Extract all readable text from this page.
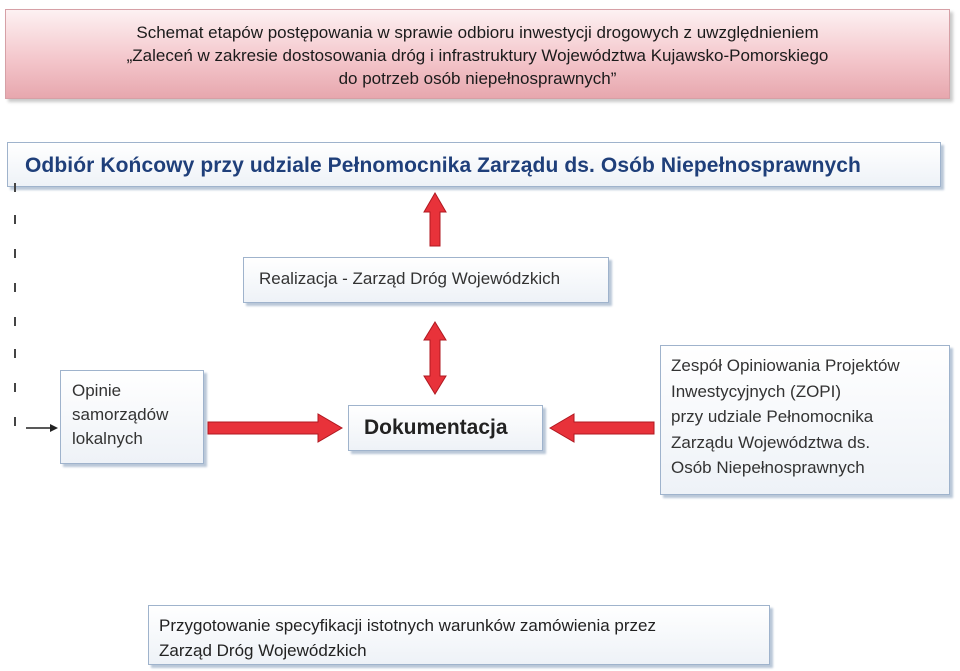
Schemat etapów postępowania w sprawie odbioru inwestycji drogowych z uwzględnieniem
„Zaleceń w zakresie dostosowania dróg i infrastruktury Województwa Kujawsko-Pomorskiego
do potrzeb osób niepełnosprawnych”
Odbiór Końcowy przy udziale Pełnomocnika Zarządu ds. Osób Niepełnosprawnych
Realizacja - Zarząd Dróg Wojewódzkich
Opinie
samorządów
lokalnych	Dokumentacja
Zespół Opiniowania Projektów
Inwestycyjnych (ZOPI)
przy udziale Pełnomocnika
Zarządu Województwa ds.
Osób Niepełnosprawnych
Przygotowanie specyfikacji istotnych warunków zamówienia przez
Zarząd Dróg Wojewódzkich
